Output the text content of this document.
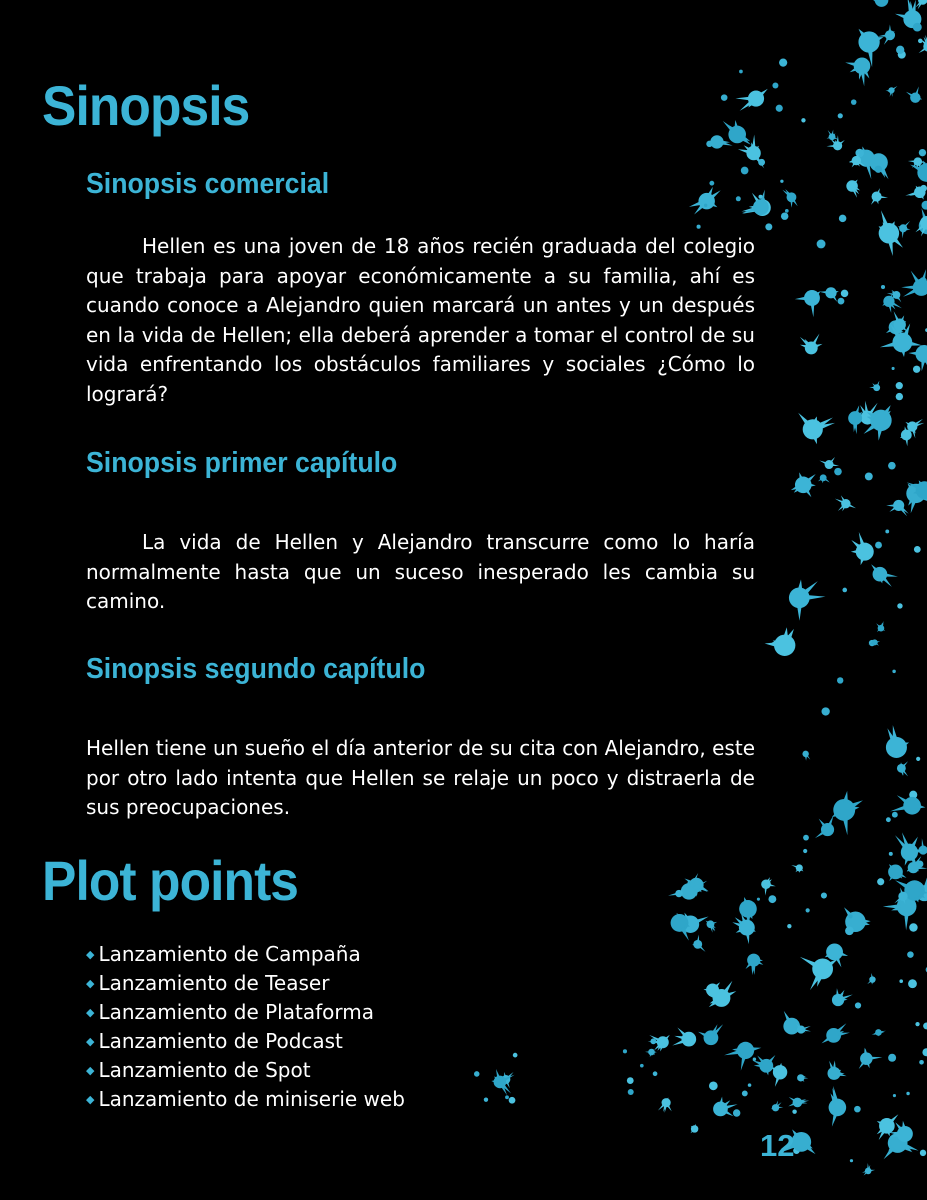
Sinopsis
Sinopsis comercial

Hellen es una joven de 18 años recién graduada del colegio que trabaja para apoyar económicamente a su familia, ahí es cuando conoce a Alejandro quien marcará un antes y un después en la vida de Hellen; ella deberá aprender a tomar el control de su vida enfrentando los obstáculos familiares y sociales ¿Cómo lo logrará?

Sinopsis primer capítulo

La vida de Hellen y Alejandro transcurre como lo haría normalmente hasta que un suceso inesperado les cambia su camino.

Sinopsis segundo capítulo

Hellen tiene un sueño el día anterior de su cita con Alejandro, este por otro lado intenta que Hellen se relaje un poco y distraerla de sus preocupaciones.

Plot points
◆ Lanzamiento de Campaña
◆ Lanzamiento de Teaser
◆ Lanzamiento de Plataforma
◆ Lanzamiento de Podcast
◆ Lanzamiento de Spot
◆ Lanzamiento de miniserie web
12
